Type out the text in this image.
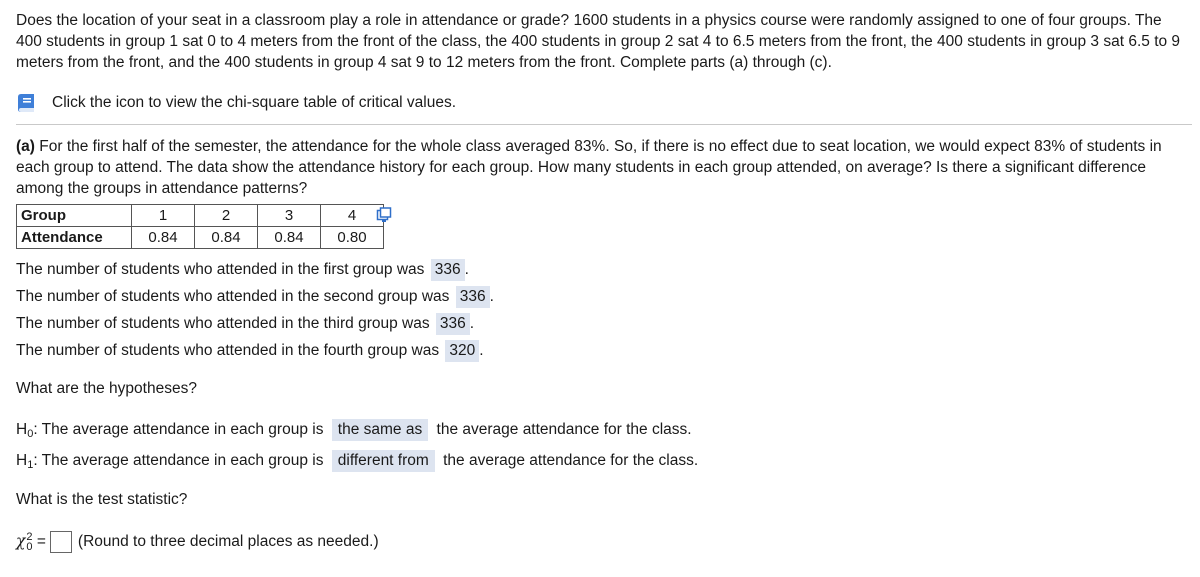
Does the location of your seat in a classroom play a role in attendance or grade? 1600 students in a physics course were randomly assigned to one of four groups. The 400 students in group 1 sat 0 to 4 meters from the front of the class, the 400 students in group 2 sat 4 to 6.5 meters from the front, the 400 students in group 3 sat 6.5 to 9 meters from the front, and the 400 students in group 4 sat 9 to 12 meters from the front. Complete parts (a) through (c).
Click the icon to view the chi-square table of critical values.
(a) For the first half of the semester, the attendance for the whole class averaged 83%. So, if there is no effect due to seat location, we would expect 83% of students in each group to attend. The data show the attendance history for each group. How many students in each group attended, on average? Is there a significant difference among the groups in attendance patterns?
Group	1	2	3	4
Attendance	0.84	0.84	0.84	0.80
The number of students who attended in the first group was 336 .
The number of students who attended in the second group was 336 .
The number of students who attended in the third group was 336 .
The number of students who attended in the fourth group was 320 .
What are the hypotheses?
$H_0$: The average attendance in each group is the same as the average attendance for the class.
$H_1$: The average attendance in each group is different from the average attendance for the class.
What is the test statistic?
χ 2
0 = (Round to three decimal places as needed.)
